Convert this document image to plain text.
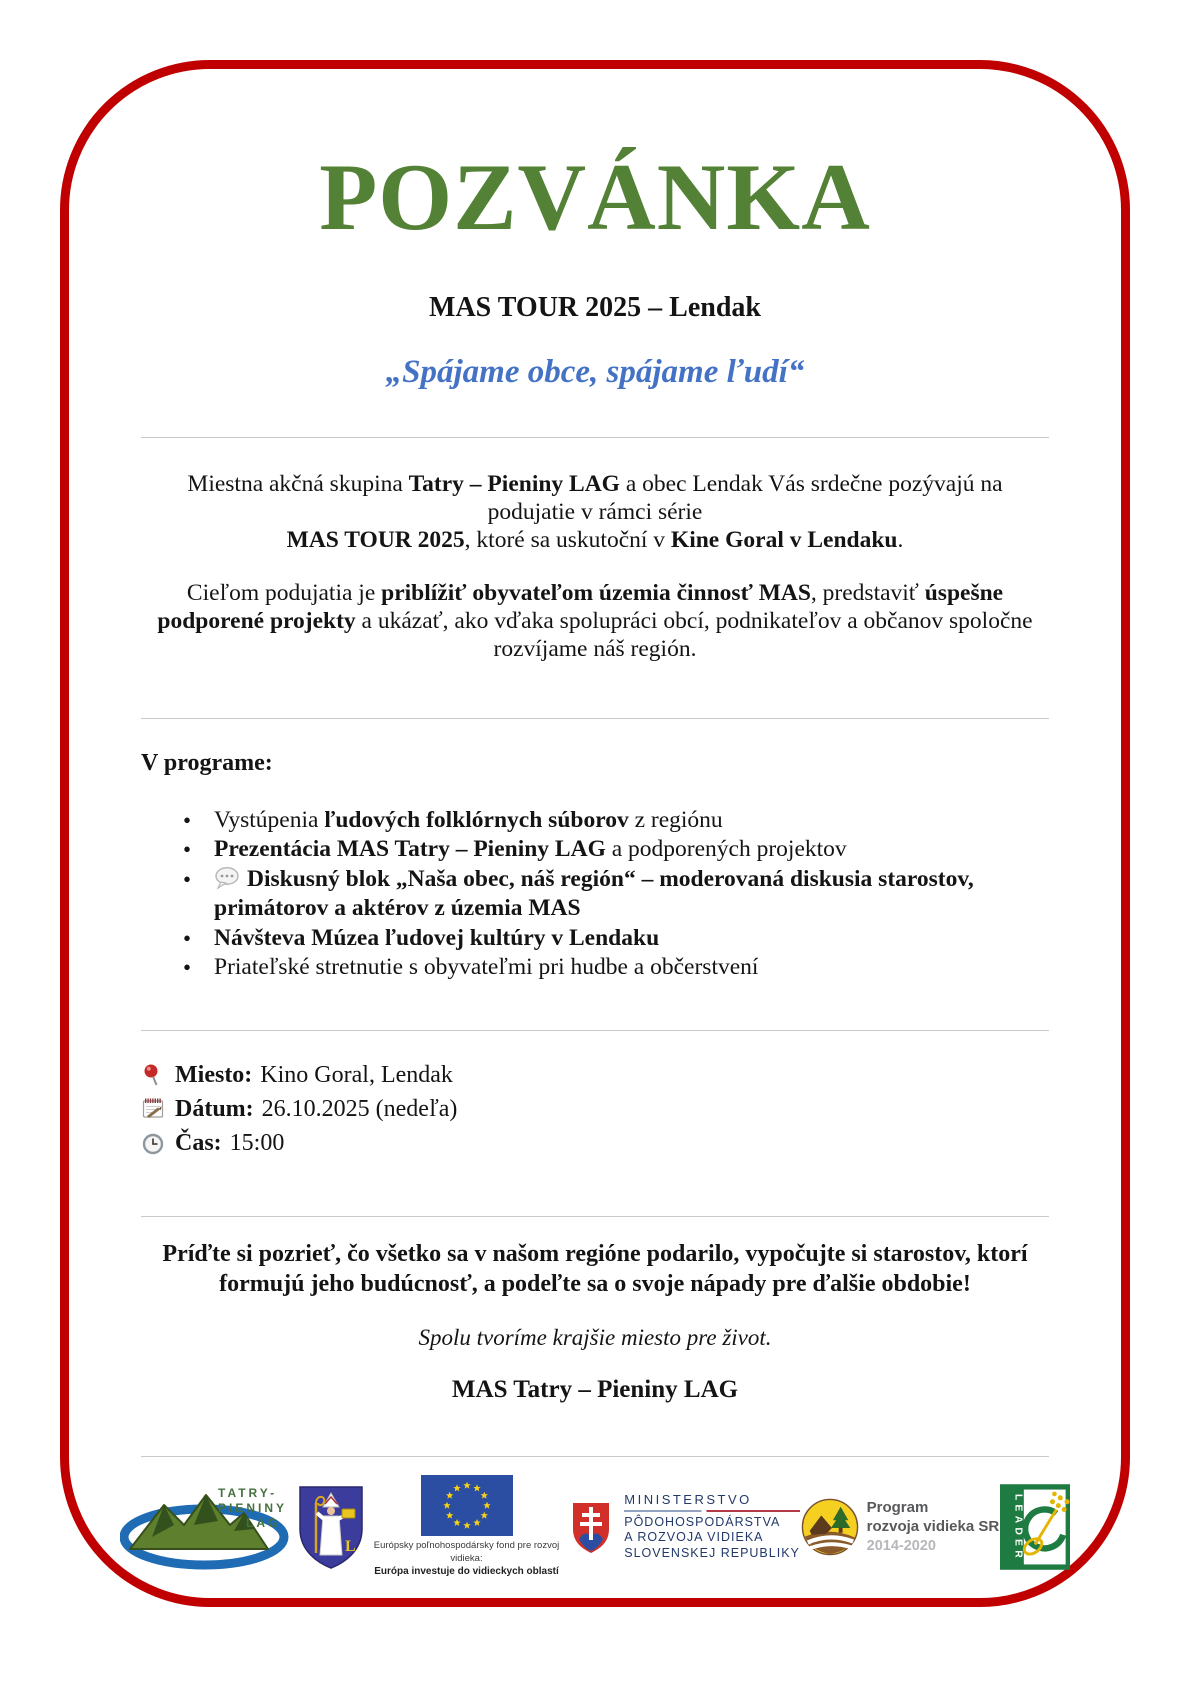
POZVÁNKA
MAS TOUR 2025 – Lendak
„Spájame obce, spájame ľudí“

Miestna akčná skupina Tatry – Pieniny LAG a obec Lendak Vás srdečne pozývajú na
podujatie v rámci série
MAS TOUR 2025, ktoré sa uskutoční v Kine Goral v Lendaku.

Cieľom podujatia je priblížiť obyvateľom územia činnosť MAS, predstaviť úspešne podporené projekty a ukázať, ako vďaka spolupráci obcí, podnikateľov a občanov spoločne rozvíjame náš región.

V programe:
• Vystúpenia ľudových folklórnych súborov z regiónu
• Prezentácia MAS Tatry – Pieniny LAG a podporených projektov
• Diskusný blok „Naša obec, náš región“ – moderovaná diskusia starostov, primátorov a aktérov z územia MAS
• Návšteva Múzea ľudovej kultúry v Lendaku
• Priateľské stretnutie s obyvateľmi pri hudbe a občerstvení
Miesto: Kino Goral, Lendak
Dátum: 26.10.2025 (nedeľa)
Čas: 15:00

Príďte si pozrieť, čo všetko sa v našom regióne podarilo, vypočujte si starostov, ktorí formujú jeho budúcnosť, a podeľte sa o svoje nápady pre ďalšie obdobie!

Spolu tvoríme krajšie miesto pre život.

MAS Tatry – Pieniny LAG
TATRY-
PIENINY
LAG
L	Európsky poľnohospodársky fond pre rozvoj vidieka:
Európa investuje do vidieckych oblastí
MINISTERSTVO
PÔDOHOSPODÁRSTVA
A ROZVOJA VIDIEKA
SLOVENSKEJ REPUBLIKY
Program
rozvoja vidieka SR
2014-2020	LEADER
